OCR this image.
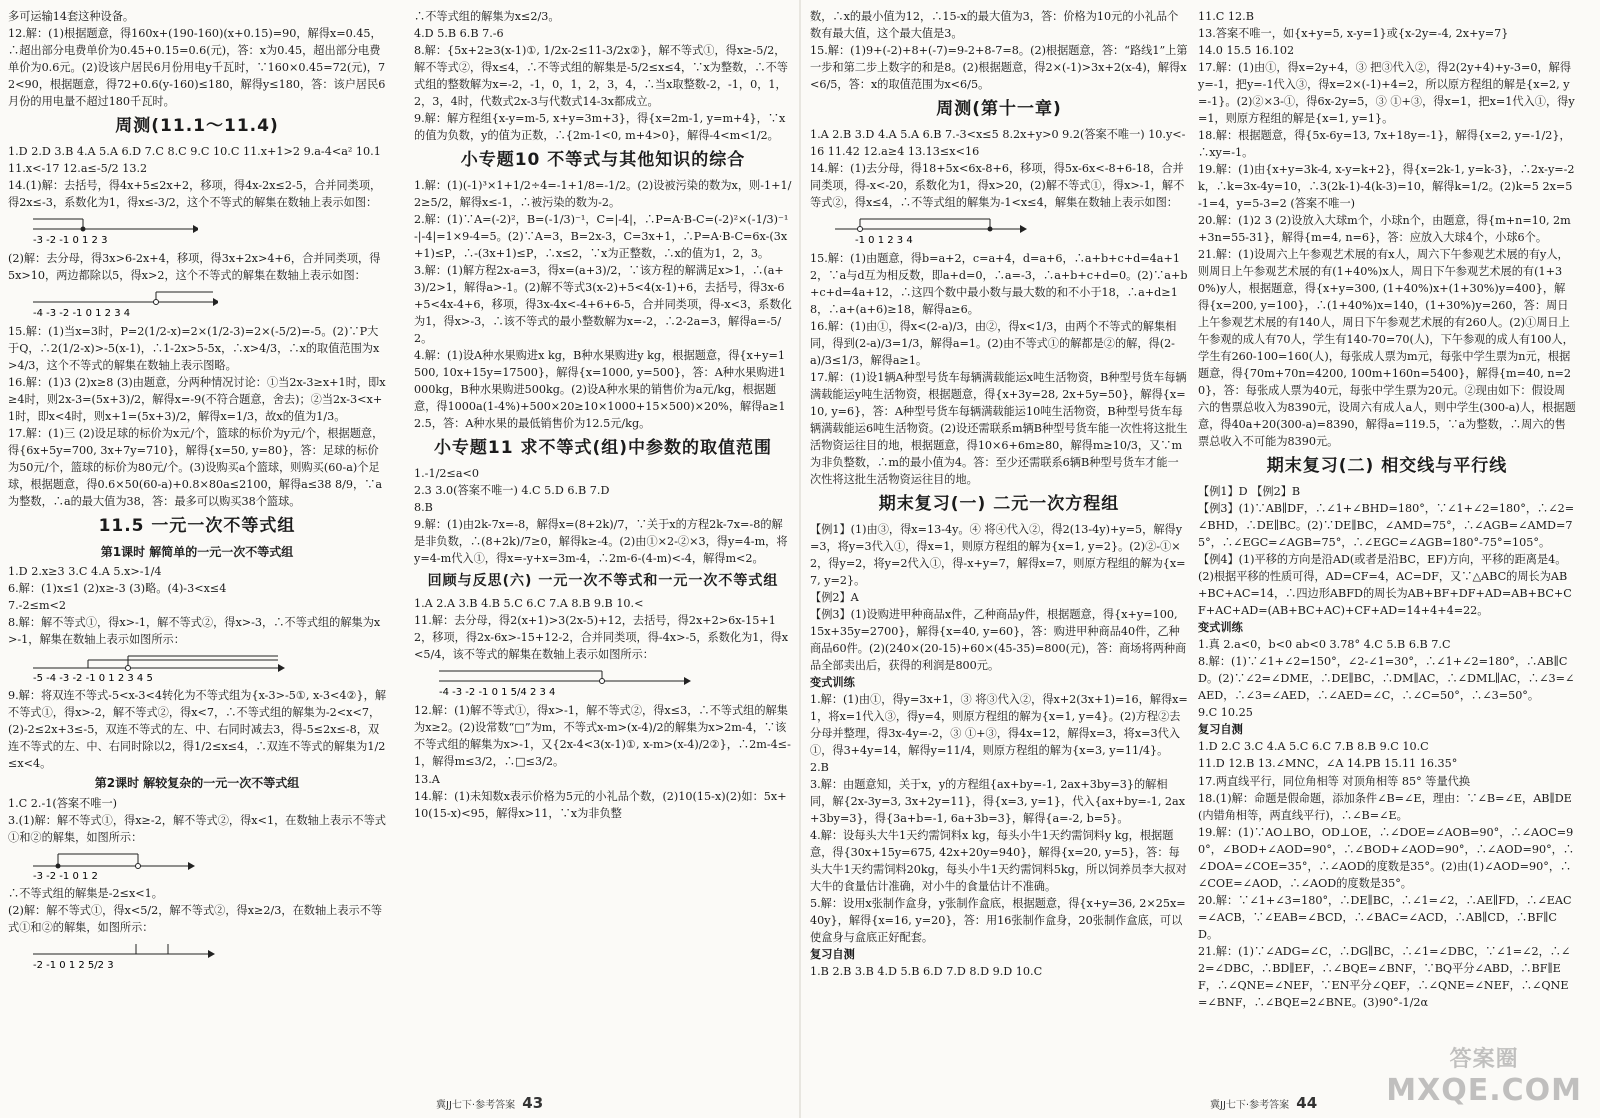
多可运输14套这种设备。

12.解：(1)根据题意，得160x+(190-160)(x+0.15)=90，解得x=0.45，∴超出部分电费单价为0.45+0.15=0.6(元)，答：x为0.45，超出部分电费单价为0.6元。(2)设该户居民6月份用电y千瓦时，∵160×0.45=72(元)，72<90，根据题意，得72+0.6(y-160)≤180，解得y≤180，答：该户居民6月份的用电量不超过180千瓦时。

周测(11.1～11.4)

1.D 2.D 3.B 4.A 5.A 6.D 7.C 8.C 9.C 10.C 11.x+1>2 9.a-4<a² 10.1 11.x<-17 12.a≤-5/2 13.2

14.(1)解：去括号，得4x+5≤2x+2，移项，得4x-2x≤2-5，合并同类项，得2x≤-3，系数化为1，得x≤-3/2，这个不等式的解集在数轴上表示如图：

-3 -2 -1 0 1 2 3

(2)解：去分母，得3x>6-2x+4，移项，得3x+2x>4+6，合并同类项，得5x>10，两边都除以5，得x>2，这个不等式的解集在数轴上表示如图：

-4 -3 -2 -1 0 1 2 3 4

15.解：(1)当x=3时，P=2(1/2-x)=2×(1/2-3)=2×(-5/2)=-5。(2)∵P大于Q，∴2(1/2-x)>-5(x-1)，∴1-2x>5-5x，∴x>4/3，∴x的取值范围为x>4/3，这个不等式的解集在数轴上表示图略。

16.解：(1)3 (2)x≥8 (3)由题意，分两种情况讨论：①当2x-3≥x+1时，即x≥4时，则2x-3=(5x+3)/2，解得x=-9(不符合题意，舍去)；②当2x-3<x+1时，即x<4时，则x+1=(5x+3)/2，解得x=1/3，故x的值为1/3。

17.解：(1)三 (2)设足球的标价为x元/个，篮球的标价为y元/个，根据题意，得{6x+5y=700, 3x+7y=710}，解得{x=50, y=80}，答：足球的标价为50元/个，篮球的标价为80元/个。(3)设购买a个篮球，则购买(60-a)个足球，根据题意，得0.6×50(60-a)+0.8×80a≤2100，解得a≤38 8/9，∵a为整数，∴a的最大值为38，答：最多可以购买38个篮球。

11.5 一元一次不等式组
第1课时 解简单的一元一次不等式组

1.D 2.x≥3 3.C 4.A 5.x>-1/4

6.解：(1)x≤1 (2)x≥-3 (3)略。(4)-3<x≤4

7.-2≤m<2

8.解：解不等式①，得x>-1，解不等式②，得x>-3，∴不等式组的解集为x>-1，解集在数轴上表示如图所示：

-5 -4 -3 -2 -1 0 1 2 3 4 5

9.解：将双连不等式-5<x-3<4转化为不等式组为{x-3>-5①, x-3<4②}，解不等式①，得x>-2，解不等式②，得x<7，∴不等式组的解集为-2<x<7，(2)-2≤2x+3≤-5，双连不等式的左、中、右同时减去3，得-5≤2x≤-8，双连不等式的左、中、右同时除以2，得1/2≤x≤4，∴双连不等式的解集为1/2≤x<4。

第2课时 解较复杂的一元一次不等式组

1.C 2.-1(答案不唯一)

3.(1)解：解不等式①，得x≥-2，解不等式②，得x<1，在数轴上表示不等式①和②的解集，如图所示：

-3 -2 -1 0 1 2

∴不等式组的解集是-2≤x<1。

(2)解：解不等式①，得x<5/2，解不等式②，得x≥2/3，在数轴上表示不等式①和②的解集，如图所示：

-2 -1 0 1 2 5/2 3

∴不等式组的解集为x≤2/3。

4.D 5.B 6.B 7.-6

8.解：{5x+2≥3(x-1)①, 1/2x-2≤11-3/2x②}，解不等式①，得x≥-5/2，解不等式②，得x≤4，∴不等式组的解集是-5/2≤x≤4，∵x为整数，∴不等式组的整数解为x=-2，-1，0，1，2，3，4，∴当x取整数-2，-1，0，1，2，3，4时，代数式2x-3与代数式14-3x都成立。

9.解：解方程组{x-y=m-5, x+y=3m+3}，得{x=2m-1, y=m+4}，∵x的值为负数，y的值为正数，∴{2m-1<0, m+4>0}，解得-4<m<1/2。

小专题10 不等式与其他知识的综合

1.解：(1)(-1)³×1+1/2÷4=-1+1/8=-1/2。(2)设被污染的数为x，则-1+1/2≥5/2，解得x≤-1，∴被污染的数为-2。

2.解：(1)∵A=(-2)²，B=(-1/3)⁻¹，C=|-4|，∴P=A·B-C=(-2)²×(-1/3)⁻¹-|-4|=1×9-4=5。(2)∵A=3，B=2x-3，C=3x+1，∴P=A·B-C=6x-(3x+1)≤P，∴-(3x+1)≤P，∴x≤2，∵x为正整数，∴x的值为1，2，3。

3.解：(1)解方程2x-a=3，得x=(a+3)/2，∵该方程的解满足x>1，∴(a+3)/2>1，解得a>-1。(2)解不等式3(x-2)+5<4(x-1)+6，去括号，得3x-6+5<4x-4+6，移项，得3x-4x<-4+6+6-5，合并同类项，得-x<3，系数化为1，得x>-3，∴该不等式的最小整数解为x=-2，∴2-2a=3，解得a=-5/2。

4.解：(1)设A种水果购进x kg，B种水果购进y kg，根据题意，得{x+y=1500, 10x+15y=17500}，解得{x=1000, y=500}，答：A种水果购进1000kg，B种水果购进500kg。(2)设A种水果的销售价为a元/kg，根据题意，得1000a(1-4%)+500×20≥10×1000+15×500)×20%，解得a≥12.5，答：A种水果的最低销售价为12.5元/kg。

小专题11 求不等式(组)中参数的取值范围

1.-1/2≤a<0

2.3 3.0(答案不唯一) 4.C 5.D 6.B 7.D

8.B

9.解：(1)由2k-7x=-8，解得x=(8+2k)/7，∵关于x的方程2k-7x=-8的解是非负数，∴(8+2k)/7≥0，解得k≥-4。(2)由①×2-②×3，得y=4-m，将y=4-m代入①，得x=-y+x=3m-4，∴2m-6-(4-m)<-4，解得m<2。

回顾与反思(六) 一元一次不等式和一元一次不等式组

1.A 2.A 3.B 4.B 5.C 6.C 7.A 8.B 9.B 10.<

11.解：去分母，得2(x+1)>3(2x-5)+12，去括号，得2x+2>6x-15+12，移项，得2x-6x>-15+12-2，合并同类项，得-4x>-5，系数化为1，得x<5/4，该不等式的解集在数轴上表示如图所示：

-4 -3 -2 -1 0 1 5/4 2 3 4

12.解：(1)解不等式①，得x>-1，解不等式②，得x≤3，∴不等式组的解集为x≥2。(2)设常数“□”为m，不等式x-m>(x-4)/2的解集为x>2m-4，∵该不等式组的解集为x>-1，又{2x-4<3(x-1)①, x-m>(x-4)/2②}，∴2m-4≤-1，解得m≤3/2，∴□≤3/2。

13.A

14.解：(1)未知数x表示价格为5元的小礼品个数，(2)10(15-x)(2)如：5x+10(15-x)<95，解得x>11，∵x为非负整

冀JJ七下·参考答案 43

数，∴x的最小值为12，∴15-x的最大值为3，答：价格为10元的小礼品个数有最大值，这个最大值是3。

15.解：(1)9+(-2)+8+(-7)=9-2+8-7=8。(2)根据题意，答：“路线1”上第一步和第二步上数字的和是8。(2)根据题意，得2×(-1)>3x+2(x-4)，解得x<6/5，答：x的取值范围为x<6/5。

周测(第十一章)

1.A 2.B 3.D 4.A 5.A 6.B 7.-3<x≤5 8.2x+y>0 9.2(答案不唯一) 10.y<-16 11.42 12.a≥4 13.13≤x<16

14.解：(1)去分母，得18+5x<6x-8+6，移项，得5x-6x<-8+6-18，合并同类项，得-x<-20，系数化为1，得x>20，(2)解不等式①，得x>-1，解不等式②，得x≤4，∴不等式组的解集为-1<x≤4，解集在数轴上表示如图：

-1 0 1 2 3 4

15.解：(1)由题意，得b=a+2，c=a+4，d=a+6，∴a+b+c+d=4a+12，∵a与d互为相反数，即a+d=0，∴a=-3，∴a+b+c+d=0。(2)∵a+b+c+d=4a+12，∴这四个数中最小数与最大数的和不小于18，∴a+d≥18，∴a+(a+6)≥18，解得a≥6。

16.解：(1)由①，得x<(2-a)/3，由②，得x<1/3，由两个不等式的解集相同，得到(2-a)/3=1/3，解得a=1。(2)由不等式①的解都是②的解，得(2-a)/3≤1/3，解得a≥1。

17.解：(1)设1辆A种型号货车每辆满载能运x吨生活物资，B种型号货车每辆满载能运y吨生活物资，根据题意，得{x+3y=28, 2x+5y=50}，解得{x=10, y=6}，答：A种型号货车每辆满载能运10吨生活物资，B种型号货车每辆满载能运6吨生活物资。(2)设还需联系m辆B种型号货车能一次性将这批生活物资运往目的地，根据题意，得10×6+6m≥80，解得m≥10/3，又∵m为非负整数，∴m的最小值为4。答：至少还需联系6辆B种型号货车才能一次性将这批生活物资运往目的地。

期末复习(一) 二元一次方程组

【例1】(1)由③，得x=13-4y。④ 将④代入②，得2(13-4y)+y=5，解得y=3，将y=3代入①，得x=1，则原方程组的解为{x=1, y=2}。(2)②-①×2，得y=2，将y=2代入①，得-x+y=7，解得x=7，则原方程组的解为{x=7, y=2}。

【例2】A

【例3】(1)设购进甲种商品x件，乙种商品y件，根据题意，得{x+y=100, 15x+35y=2700}，解得{x=40, y=60}，答：购进甲种商品40件，乙种商品60件。(2)(240×(20-15)+60×(45-35)=800(元)，答：商场将两种商品全部卖出后，获得的利润是800元。

变式训练

1.解：(1)由①，得y=3x+1，③ 将③代入②，得x+2(3x+1)=16，解得x=1，将x=1代入③，得y=4，则原方程组的解为{x=1, y=4}。(2)方程②去分母并整理，得3x-4y=-2，③ ①+③，得4x=12，解得x=3，将x=3代入①，得3+4y=14，解得y=11/4，则原方程组的解为{x=3, y=11/4}。

2.B

3.解：由题意知，关于x，y的方程组{ax+by=-1, 2ax+3by=3}的解相同，解{2x-3y=3, 3x+2y=11}，得{x=3, y=1}，代入{ax+by=-1, 2ax+3by=3}，得{3a+b=-1, 6a+3b=3}，解得{a=-2, b=5}。

4.解：设每头大牛1天约需饲料x kg，每头小牛1天约需饲料y kg，根据题意，得{30x+15y=675, 42x+20y=940}，解得{x=20, y=5}，答：每头大牛1天约需饲料20kg，每头小牛1天约需饲料5kg，所以饲养员李大叔对大牛的食量估计准确，对小牛的食量估计不准确。

5.解：设用x张制作盒身，y张制作盒底，根据题意，得{x+y=36, 2×25x=40y}，解得{x=16, y=20}，答：用16张制作盒身，20张制作盒底，可以使盒身与盒底正好配套。

复习自测

1.B 2.B 3.B 4.D 5.B 6.D 7.D 8.D 9.D 10.C

11.C 12.B

13.答案不唯一，如{x+y=5, x-y=1}或{x-2y=-4, 2x+y=7}

14.0 15.5 16.102

17.解：(1)由①，得x=2y+4，③ 把③代入②，得2(2y+4)+y-3=0，解得y=-1，把y=-1代入③，得x=2×(-1)+4=2，所以原方程组的解是{x=2, y=-1}。(2)②×3-①，得6x-2y=5，③ ①+③，得x=1，把x=1代入①，得y=1，则原方程组的解是{x=1, y=1}。

18.解：根据题意，得{5x-6y=13, 7x+18y=-1}，解得{x=2, y=-1/2}，∴xy=-1。

19.解：(1)由{x+y=3k-4, x-y=k+2}，得{x=2k-1, y=k-3}，∴2x-y=-2k，∴k=3x-4y=10，∴3(2k-1)-4(k-3)=10，解得k=1/2。(2)k=5 2x=5-1=4，y=5-3=2 (答案不唯一)

20.解：(1)2 3 (2)设放入大球m个，小球n个，由题意，得{m+n=10, 2m+3n=55-31}，解得{m=4, n=6}，答：应放入大球4个，小球6个。

21.解：(1)设周六上午参观艺术展的有x人，周六下午参观艺术展的有y人，则周日上午参观艺术展的有(1+40%)x人，周日下午参观艺术展的有(1+30%)y人，根据题意，得{x+y=300, (1+40%)x+(1+30%)y=400}，解得{x=200, y=100}，∴(1+40%)x=140，(1+30%)y=260，答：周日上午参观艺术展的有140人，周日下午参观艺术展的有260人。(2)①周日上午参观的成人有70人，学生有140-70=70(人)，下午参观的成人有100人，学生有260-100=160(人)，每张成人票为m元，每张中学生票为n元，根据题意，得{70m+70n=4200, 100m+160n=5400}，解得{m=40, n=20}，答：每张成人票为40元，每张中学生票为20元。②现由如下：假设周六的售票总收入为8390元，设周六有成人a人，则中学生(300-a)人，根据题意，得40a+20(300-a)=8390，解得a=119.5，∵a为整数，∴周六的售票总收入不可能为8390元。

期末复习(二) 相交线与平行线

【例1】D 【例2】B

【例3】(1)∵AB∥DF，∴∠1+∠BHD=180°，∵∠1+∠2=180°，∴∠2=∠BHD，∴DE∥BC。(2)∵DE∥BC，∠AMD=75°，∴∠AGB=∠AMD=75°，∴∠EGC=∠AGB=75°，∴∠EGC=∠AGB=180°-75°=105°。

【例4】(1)平移的方向是沿AD(或者是沿BC，EF)方向，平移的距离是4。(2)根据平移的性质可得，AD=CF=4，AC=DF，又∵△ABC的周长为AB+BC+AC=14，∴四边形ABFD的周长为AB+BF+DF+AD=AB+BC+CF+AC+AD=(AB+BC+AC)+CF+AD=14+4+4=22。

变式训练

1.真 2.a<0，b<0 ab<0 3.78° 4.C 5.B 6.B 7.C

8.解：(1)∵∠1+∠2=150°，∠2-∠1=30°，∴∠1+∠2=180°，∴AB∥CD。(2)∵∠2=∠DME，∴DE∥BC，∴DM∥AC，∴∠DML∥AC，∴∠3=∠AED，∴∠3=∠AED，∴∠AED=∠C，∴∠C=50°，∴∠3=50°。

9.C 10.25

复习自测

1.D 2.C 3.C 4.A 5.C 6.C 7.B 8.B 9.C 10.C

11.D 12.B 13.∠MNC，∠A 14.PB 15.11 16.35°

17.两直线平行，同位角相等 对顶角相等 85° 等量代换

18.(1)解：命题是假命题，添加条件∠B=∠E，理由：∵∠B=∠E，AB∥DE(内错角相等，两直线平行)，∴∠B=∠E。

19.解：(1)∵AO⊥BO，OD⊥OE，∴∠DOE=∠AOB=90°，∴∠AOC=90°，∠BOD+∠AOD=90°，∴∠BOD+∠AOD=90°，∴∠AOD=90°，∴∠DOA=∠COE=35°，∴∠AOD的度数是35°。(2)由(1)∠AOD=90°，∴∠COE=∠AOD，∴∠AOD的度数是35°。

20.解：∵∠1+∠3=180°，∴DE∥BC，∴∠1=∠2，∴AE∥FD，∴∠EAC=∠ACB，∵∠EAB=∠BCD，∴∠BAC=∠ACD，∴AB∥CD，∴BF∥CD。

21.解：(1)∵∠ADG=∠C，∴DG∥BC，∴∠1=∠DBC，∵∠1=∠2，∴∠2=∠DBC，∴BD∥EF，∴∠BQE=∠BNF，∵BQ平分∠ABD，∴BF∥EF，∴∠QNE=∠NEF，∵EN平分∠QEF，∴∠QNE=∠NEF，∴∠QNE=∠BNF，∴∠BQE=2∠BNE。(3)90°-1/2α

冀JJ七下·参考答案 44
答案圈
MXQE.COM
